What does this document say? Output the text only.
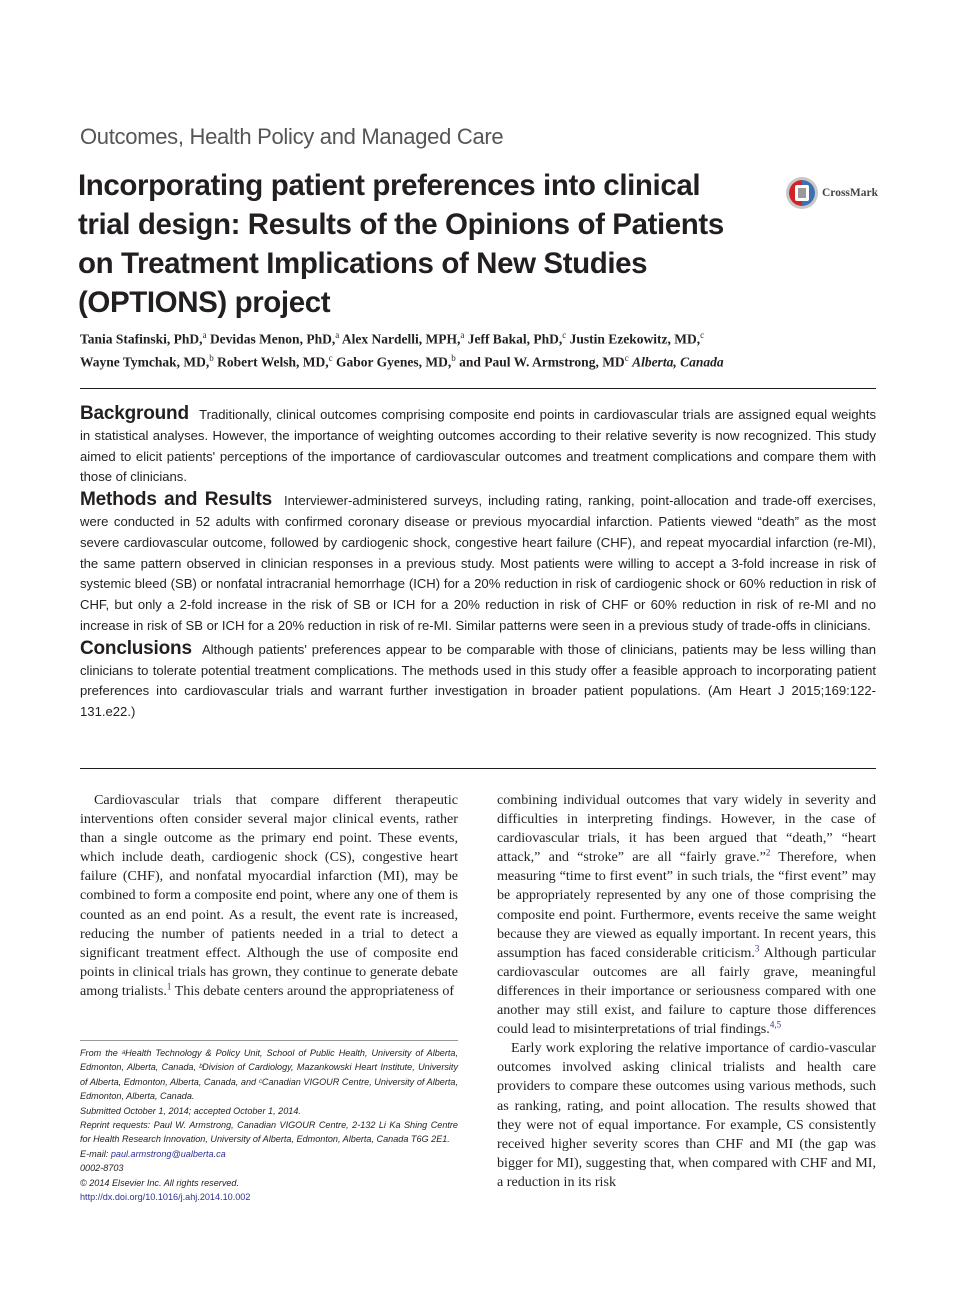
Outcomes, Health Policy and Managed Care
Incorporating patient preferences into clinical trial design: Results of the Opinions of Patients on Treatment Implications of New Studies (OPTIONS) project
CrossMark
Tania Stafinski, PhD,$^a$ Devidas Menon, PhD,$^a$ Alex Nardelli, MPH,$^a$ Jeff Bakal, PhD,$^c$ Justin Ezekowitz, MD,$^c$
Wayne Tymchak, MD,$^b$ Robert Welsh, MD,$^c$ Gabor Gyenes, MD,$^b$ and Paul W. Armstrong, $MD^c$ Alberta, Canada

Background Traditionally, clinical outcomes comprising composite end points in cardiovascular trials are assigned equal weights in statistical analyses. However, the importance of weighting outcomes according to their relative severity is now recognized. This study aimed to elicit patients' perceptions of the importance of cardiovascular outcomes and treatment complications and compare them with those of clinicians.

Methods and Results Interviewer-administered surveys, including rating, ranking, point-allocation and trade-off exercises, were conducted in 52 adults with confirmed coronary disease or previous myocardial infarction. Patients viewed “death” as the most severe cardiovascular outcome, followed by cardiogenic shock, congestive heart failure (CHF), and repeat myocardial infarction (re-MI), the same pattern observed in clinician responses in a previous study. Most patients were willing to accept a 3-fold increase in risk of systemic bleed (SB) or nonfatal intracranial hemorrhage (ICH) for a 20% reduction in risk of cardiogenic shock or 60% reduction in risk of CHF, but only a 2-fold increase in the risk of SB or ICH for a 20% reduction in risk of CHF or 60% reduction in risk of re-MI and no increase in risk of SB or ICH for a 20% reduction in risk of re-MI. Similar patterns were seen in a previous study of trade-offs in clinicians.

Conclusions Although patients' preferences appear to be comparable with those of clinicians, patients may be less willing than clinicians to tolerate potential treatment complications. The methods used in this study offer a feasible approach to incorporating patient preferences into cardiovascular trials and warrant further investigation in broader patient populations. (Am Heart J 2015;169:122-131.e22.)

Cardiovascular trials that compare different therapeutic interventions often consider several major clinical events, rather than a single outcome as the primary end point. These events, which include death, cardiogenic shock (CS), congestive heart failure (CHF), and nonfatal myocardial infarction (MI), may be combined to form a composite end point, where any one of them is counted as an end point. As a result, the event rate is increased, reducing the number of patients needed in a trial to detect a significant treatment effect. Although the use of composite end points in clinical trials has grown, they continue to generate debate among trialists.$^1$ This debate centers around the appropriateness of

From the ᵃHealth Technology & Policy Unit, School of Public Health, University of Alberta, Edmonton, Alberta, Canada, ᵇDivision of Cardiology, Mazankowski Heart Institute, University of Alberta, Edmonton, Alberta, Canada, and ᶜCanadian VIGOUR Centre, University of Alberta, Edmonton, Alberta, Canada.

Submitted October 1, 2014; accepted October 1, 2014.

Reprint requests: Paul W. Armstrong, Canadian VIGOUR Centre, 2-132 Li Ka Shing Centre for Health Research Innovation, University of Alberta, Edmonton, Alberta, Canada T6G 2E1.

E-mail: paul.armstrong@ualberta.ca

0002-8703

© 2014 Elsevier Inc. All rights reserved.

http://dx.doi.org/10.1016/j.ahj.2014.10.002

combining individual outcomes that vary widely in severity and difficulties in interpreting findings. However, in the case of cardiovascular trials, it has been argued that “death,” “heart attack,” and “stroke” are all “fairly grave.”$^2$ Therefore, when measuring “time to first event” in such trials, the “first event” may be appropriately represented by any one of those comprising the composite end point. Furthermore, events receive the same weight because they are viewed as equally important. In recent years, this assumption has faced considerable criticism.$^3$ Although particular cardiovascular outcomes are all fairly grave, meaningful differences in their importance or seriousness compared with one another may still exist, and failure to capture those differences could lead to misinterpretations of trial findings.$^{4,5}$

Early work exploring the relative importance of cardio-vascular outcomes involved asking clinical trialists and health care providers to compare these outcomes using various methods, such as ranking, rating, and point allocation. The results showed that they were not of equal importance. For example, CS consistently received higher severity scores than CHF and MI (the gap was bigger for MI), suggesting that, when compared with CHF and MI, a reduction in its risk
